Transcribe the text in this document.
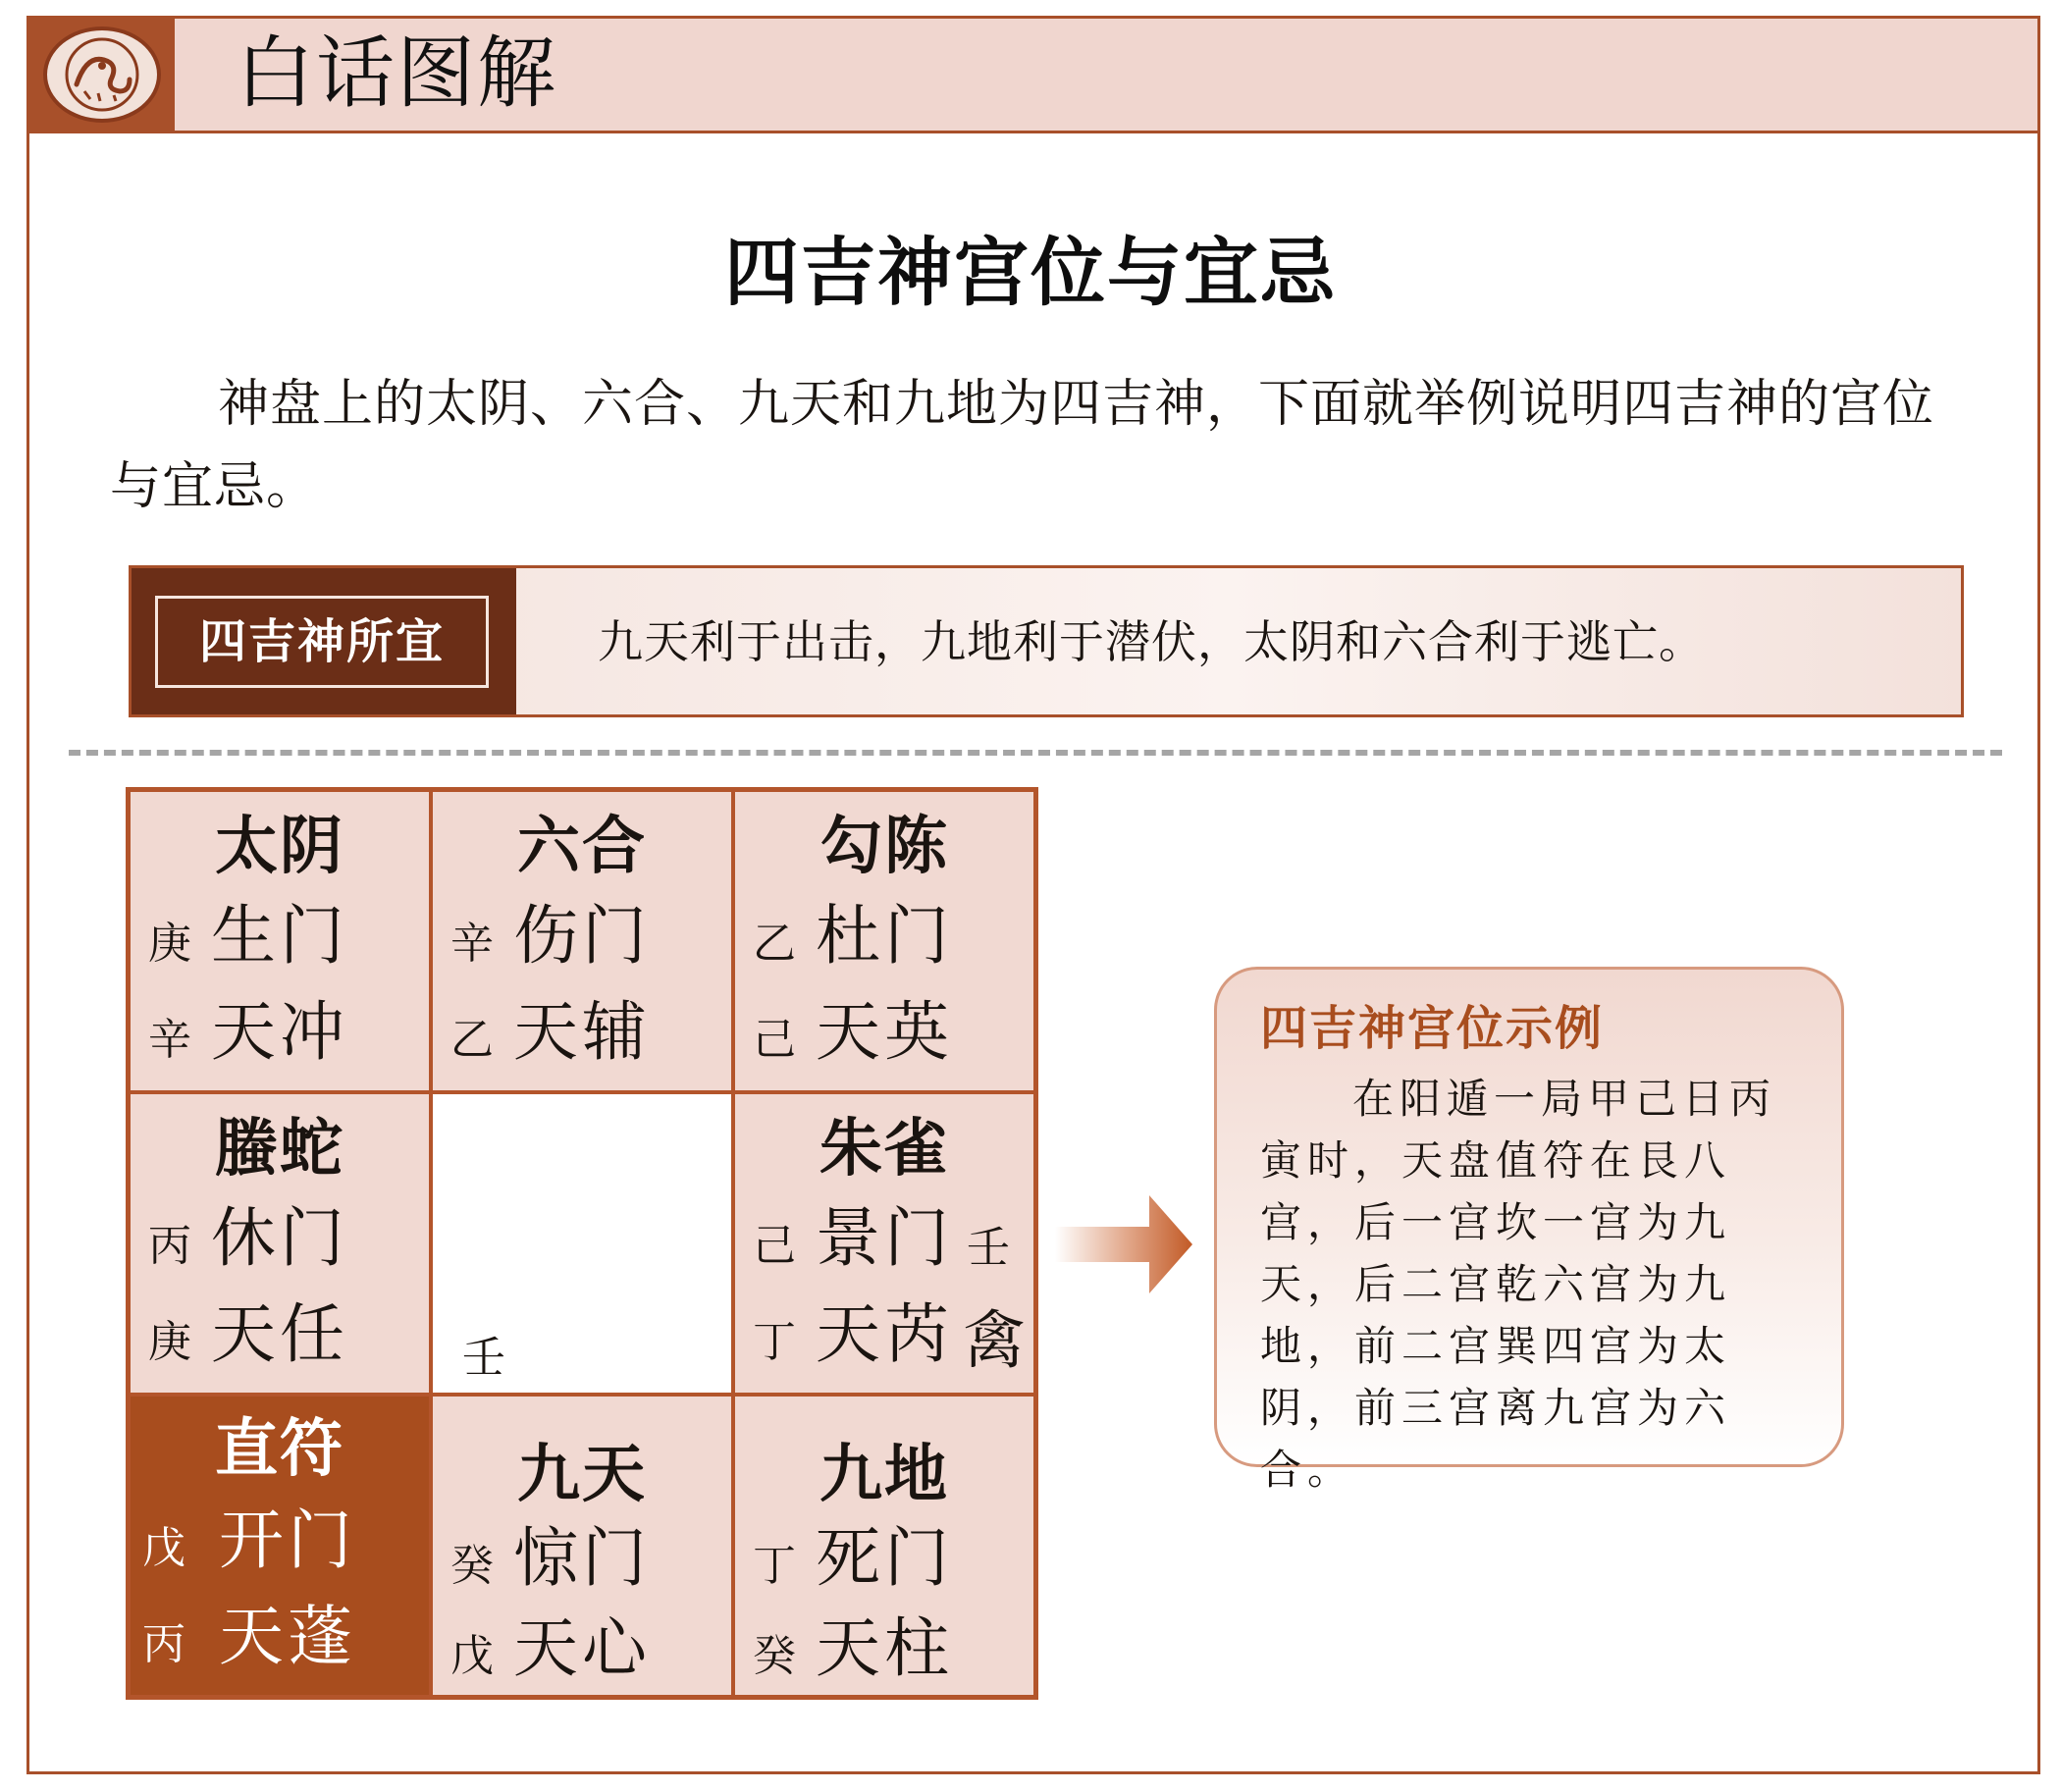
白话图解
四吉神宫位与宜忌
神盘上的太阴、六合、九天和九地为四吉神，下面就举例说明四吉神的宫位与宜忌。
四吉神所宜	九天利于出击，九地利于潜伏，太阴和六合利于逃亡。
太阴
庚 生门
辛 天冲
六合
辛 伤门
乙 天辅
勾陈
乙 杜门
己 天英
螣蛇
丙 休门
庚 天任	壬
朱雀
己 景门 壬
丁 天芮 禽
直符
戊 开门
丙 天蓬
九天
癸 惊门
戊 天心
九地
丁 死门
癸 天柱
四吉神宫位示例
在阳遁一局甲己日丙寅时，天盘值符在艮八宫，后一宫坎一宫为九天，后二宫乾六宫为九地，前二宫巽四宫为太阴，前三宫离九宫为六合。
